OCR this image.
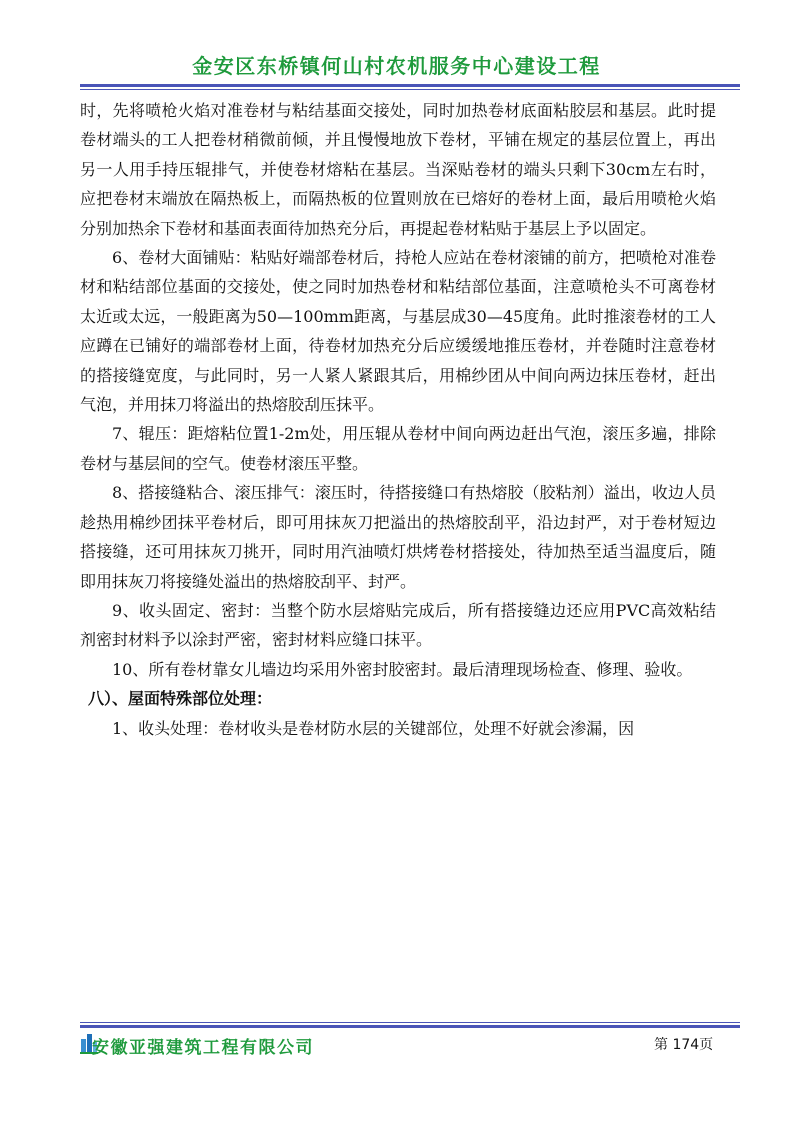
金安区东桥镇何山村农机服务中心建设工程

时，先将喷枪火焰对准卷材与粘结基面交接处，同时加热卷材底面粘胶层和基层。此时提卷材端头的工人把卷材稍微前倾，并且慢慢地放下卷材，平铺在规定的基层位置上，再出另一人用手持压辊排气，并使卷材熔粘在基层。当深贴卷材的端头只剩下30cm左右时，应把卷材末端放在隔热板上，而隔热板的位置则放在已熔好的卷材上面，最后用喷枪火焰分别加热余下卷材和基面表面待加热充分后，再提起卷材粘贴于基层上予以固定。

6、卷材大面铺贴：粘贴好端部卷材后，持枪人应站在卷材滚铺的前方，把喷枪对准卷材和粘结部位基面的交接处，使之同时加热卷材和粘结部位基面，注意喷枪头不可离卷材太近或太远，一般距离为50—100mm距离，与基层成30—45度角。此时推滚卷材的工人应蹲在已铺好的端部卷材上面，待卷材加热充分后应缓缓地推压卷材，并卷随时注意卷材的搭接缝宽度，与此同时，另一人紧人紧跟其后，用棉纱团从中间向两边抹压卷材，赶出气泡，并用抹刀将溢出的热熔胶刮压抹平。

7、辊压：距熔粘位置1-2m处，用压辊从卷材中间向两边赶出气泡，滚压多遍，排除卷材与基层间的空气。使卷材滚压平整。

8、搭接缝粘合、滚压排气：滚压时，待搭接缝口有热熔胶（胶粘剂）溢出，收边人员趁热用棉纱团抹平卷材后，即可用抹灰刀把溢出的热熔胶刮平，沿边封严，对于卷材短边搭接缝，还可用抹灰刀挑开，同时用汽油喷灯烘烤卷材搭接处，待加热至适当温度后，随即用抹灰刀将接缝处溢出的热熔胶刮平、封严。

9、收头固定、密封：当整个防水层熔贴完成后，所有搭接缝边还应用PVC高效粘结剂密封材料予以涂封严密，密封材料应缝口抹平。

10、所有卷材靠女儿墙边均采用外密封胶密封。最后清理现场检查、修理、验收。

八）、屋面特殊部位处理：

1、收头处理：卷材收头是卷材防水层的关键部位，处理不好就会渗漏，因

安徽亚强建筑工程有限公司	第 174页
